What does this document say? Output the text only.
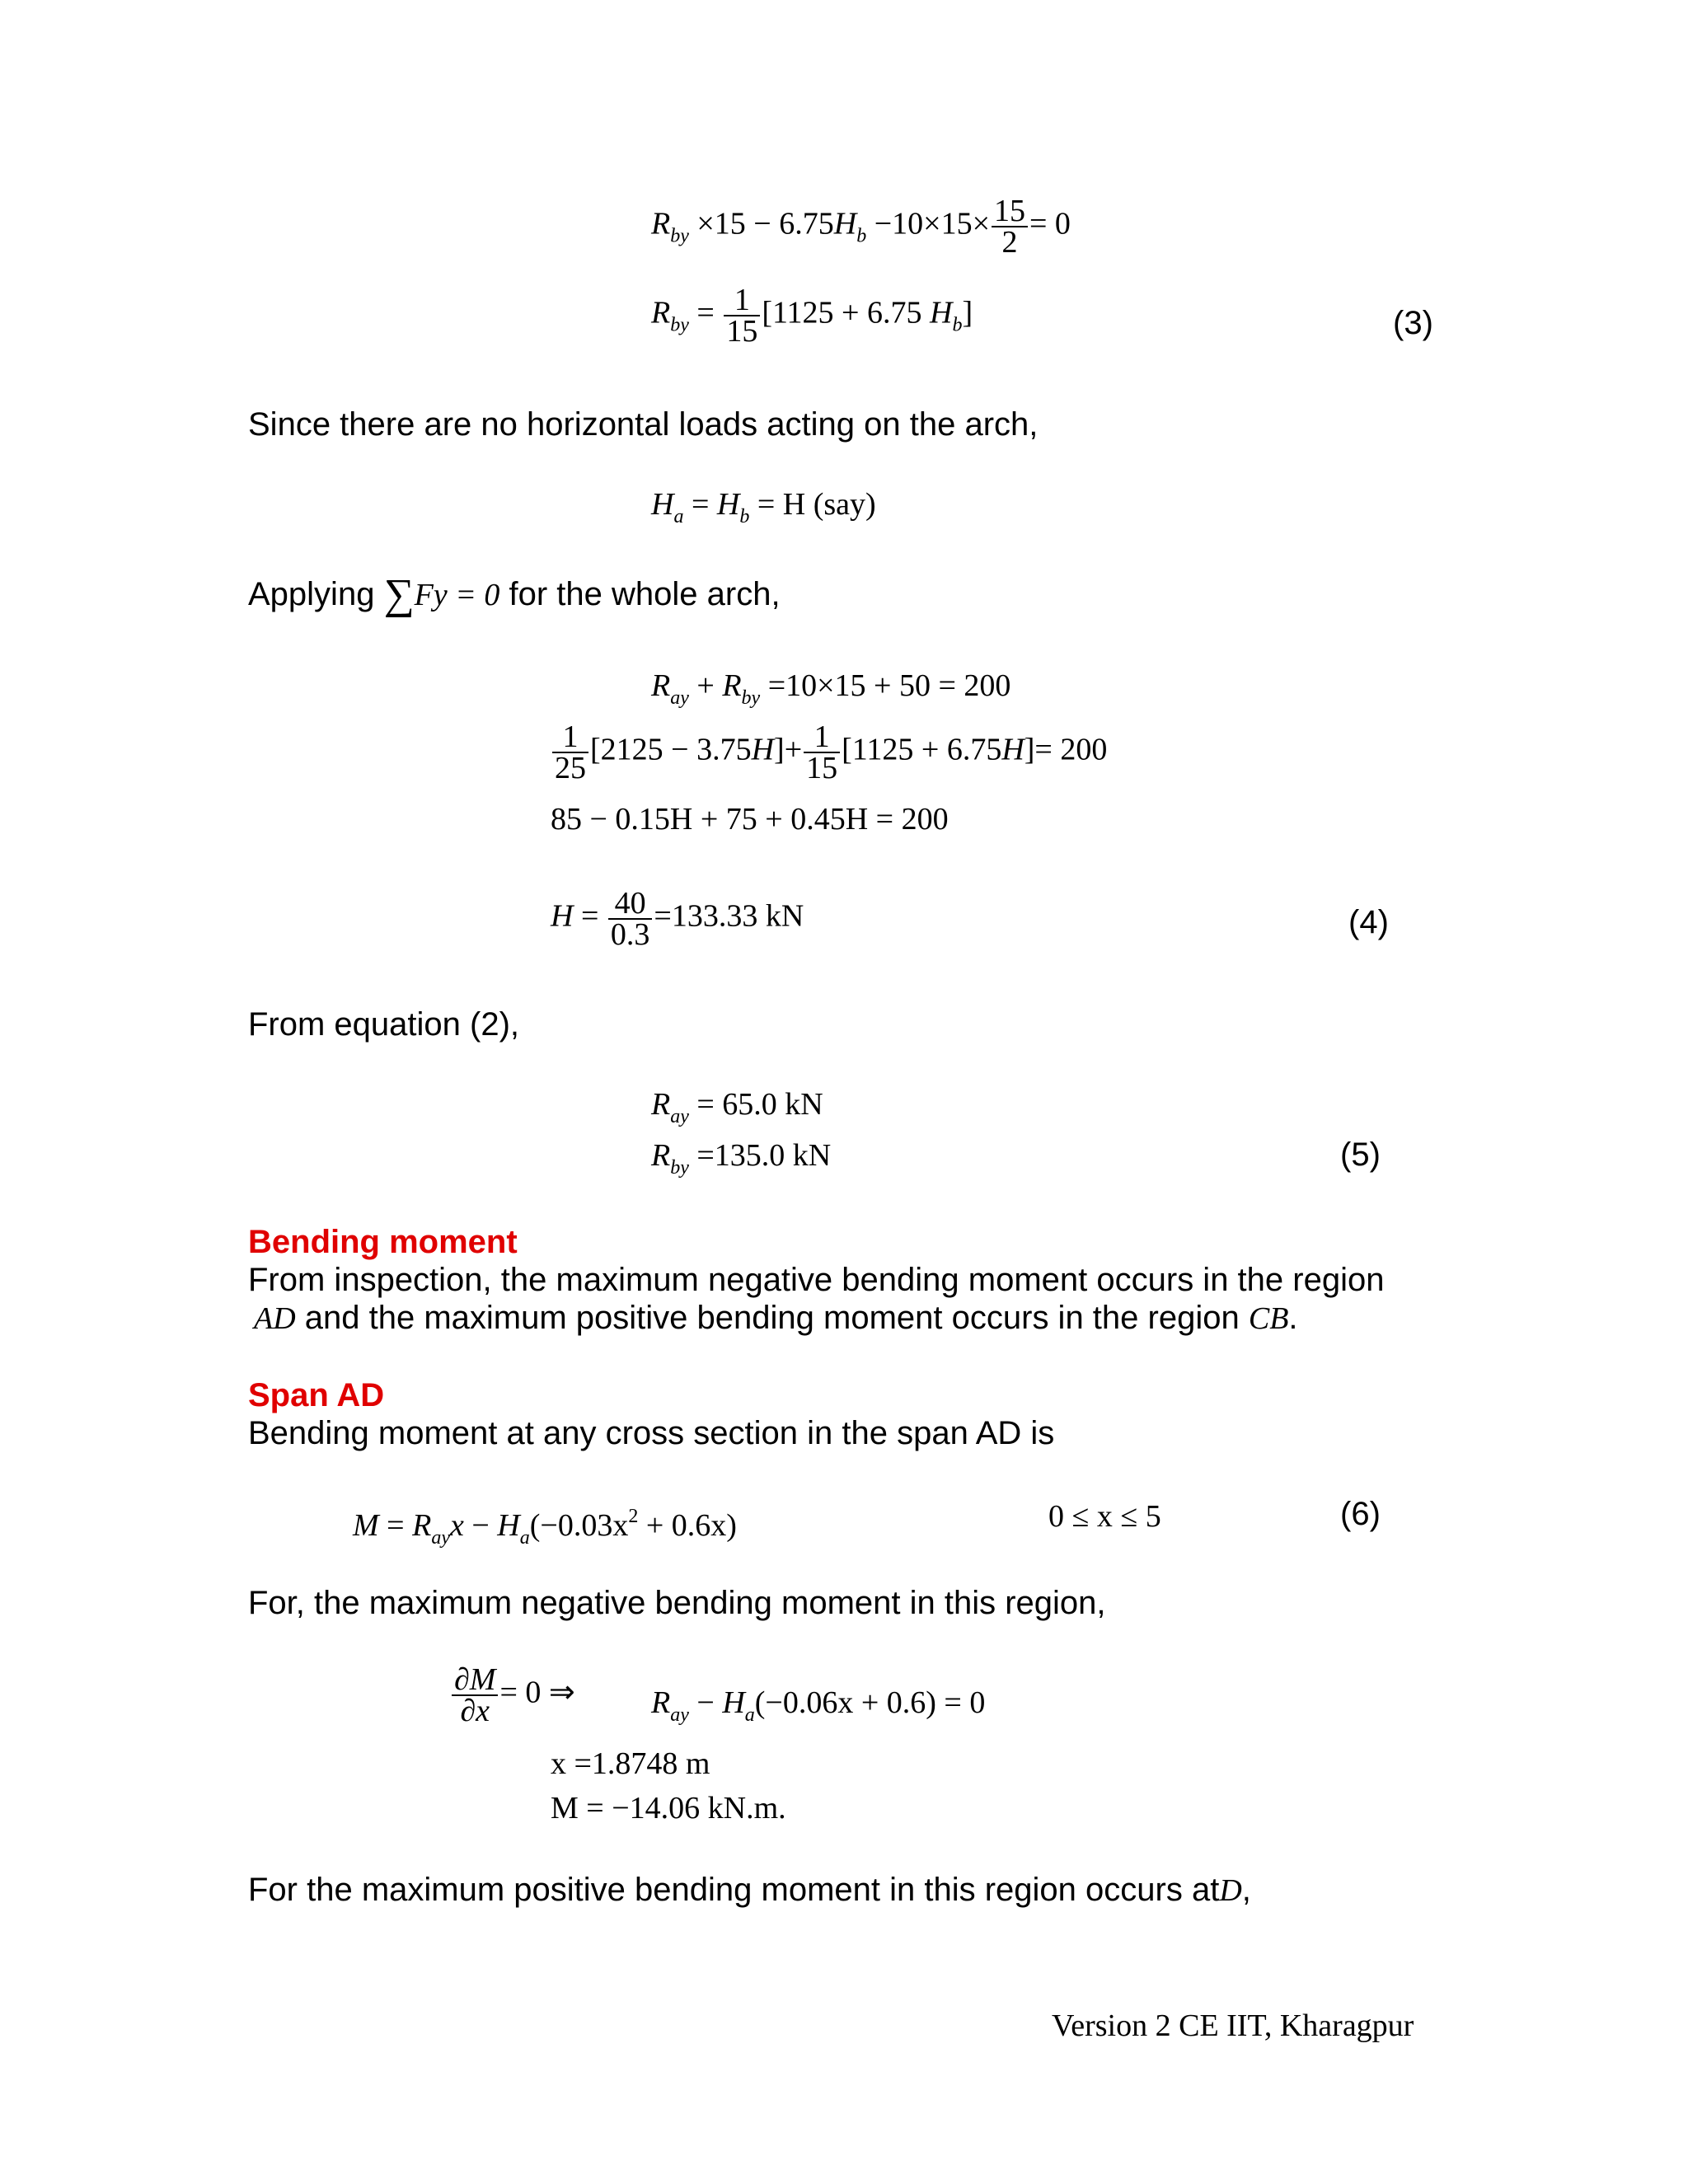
$R_{by} \times 15 - 6.75H_b -10\times 15\times \frac{15}{2} = 0$
$R_{by} = \frac{1}{15} [1125 + 6.75$ $H_b$]	(3)
Since there are no horizontal loads acting on the arch,
$H_a = H_b = H$ (say)
Applying ∑Fy = 0 for the whole arch,
$R_{ay} + R_{by} =10\times 15 + 50 = 200$
$\frac{1}{25} [2125 - 3.75H]+ \frac{1}{15} [1125 + 6.75H]= 200$
85 − 0.15H + 75 + 0.45H = 200
$H = \frac{40}{0.3} =133.33$ kN	(4)
From equation (2),
$R_{ay} = 65.0$ kN
$R_{by} =135.0$ kN	(5)
Bending moment
From inspection, the maximum negative bending moment occurs in the region
AD and the maximum positive bending moment occurs in the region CB.
Span AD
Bending moment at any cross section in the span AD is
$M = R_{ay}x - H_a(-0.03x^2 + 0.6x)$	0 ≤ x ≤ 5	(6)
For, the maximum negative bending moment in this region,
$\frac{\partial M}{\partial x} = 0$ ⇒ $R_{ay} - H_a(-0.06x + 0.6) = 0$
x =1.8748 m
M = −14.06 kN.m.
For the maximum positive bending moment in this region occurs atD,
Version 2 CE IIT, Kharagpur
